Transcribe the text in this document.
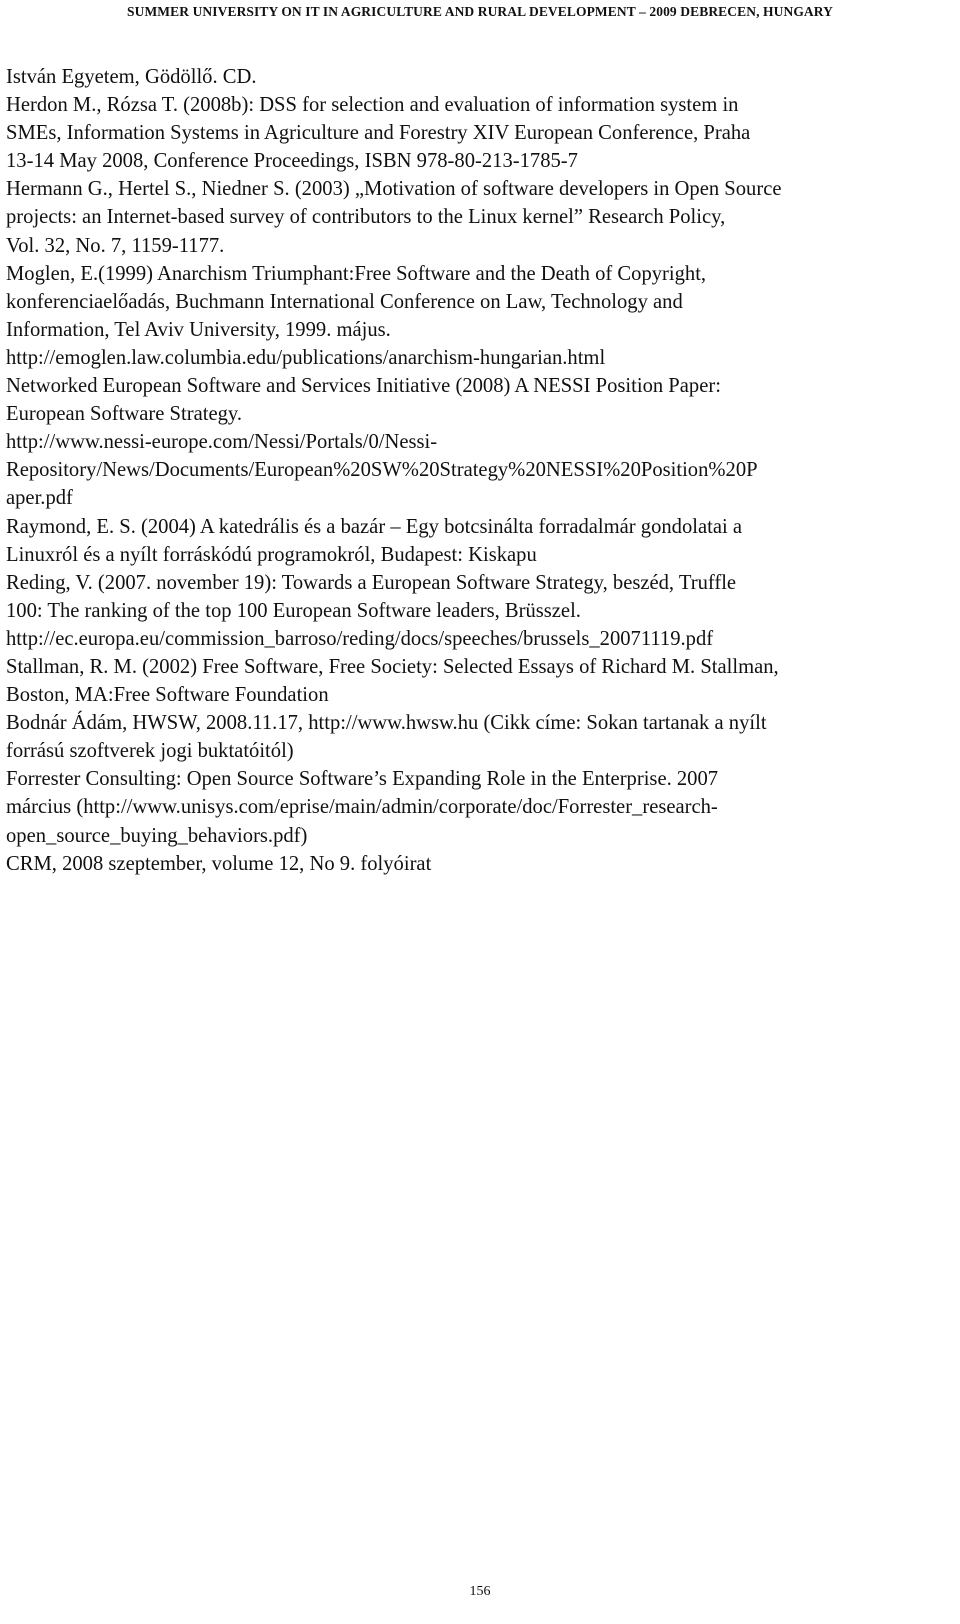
SUMMER UNIVERSITY ON IT IN AGRICULTURE AND RURAL DEVELOPMENT – 2009 DEBRECEN, HUNGARY

István Egyetem, Gödöllő. CD.

Herdon M., Rózsa T. (2008b): DSS for selection and evaluation of information system in
SMEs, Information Systems in Agriculture and Forestry XIV European Conference, Praha
13-14 May 2008, Conference Proceedings, ISBN 978-80-213-1785-7

Hermann G., Hertel S., Niedner S. (2003) „Motivation of software developers in Open Source
projects: an Internet-based survey of contributors to the Linux kernel” Research Policy,
Vol. 32, No. 7, 1159-1177.

Moglen, E.(1999) Anarchism Triumphant:Free Software and the Death of Copyright,
konferenciaelőadás, Buchmann International Conference on Law, Technology and
Information, Tel Aviv University, 1999. május.

http://emoglen.law.columbia.edu/publications/anarchism-hungarian.html

Networked European Software and Services Initiative (2008) A NESSI Position Paper:
European Software Strategy.

http://www.nessi-europe.com/Nessi/Portals/0/Nessi-
Repository/News/Documents/European%20SW%20Strategy%20NESSI%20Position%20P
aper.pdf

Raymond, E. S. (2004) A katedrális és a bazár – Egy botcsinálta forradalmár gondolatai a
Linuxról és a nyílt forráskódú programokról, Budapest: Kiskapu

Reding, V. (2007. november 19): Towards a European Software Strategy, beszéd, Truffle
100: The ranking of the top 100 European Software leaders, Brüsszel.

http://ec.europa.eu/commission_barroso/reding/docs/speeches/brussels_20071119.pdf

Stallman, R. M. (2002) Free Software, Free Society: Selected Essays of Richard M. Stallman,
Boston, MA:Free Software Foundation

Bodnár Ádám, HWSW, 2008.11.17, http://www.hwsw.hu (Cikk címe: Sokan tartanak a nyílt
forrású szoftverek jogi buktatóitól)

Forrester Consulting: Open Source Software’s Expanding Role in the Enterprise. 2007
március (http://www.unisys.com/eprise/main/admin/corporate/doc/Forrester_research-
open_source_buying_behaviors.pdf)

CRM, 2008 szeptember, volume 12, No 9. folyóirat

156
